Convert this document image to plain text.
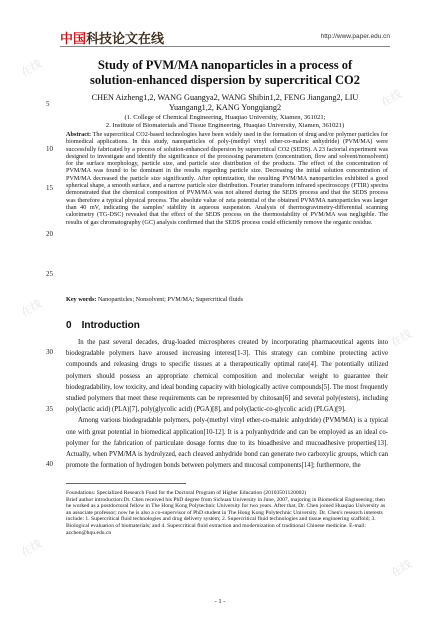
在线
在线
在线
在线
在线
在线
中国科技论文在线	http://www.paper.edu.cn
Study of PVM/MA nanoparticles in a process of
solution-enhanced dispersion by supercritical CO2
CHEN Aizheng1,2, WANG Guangya2, WANG Shibin1,2, FENG Jiangang2, LIU
Yuangang1,2, KANG Yongqiang2
(1. College of Chemical Engineering, Huaqiao University, Xiamen, 361021;
2. Institute of Biomaterials and Tissue Engineering, Huaqiao University, Xiamen, 361021)
Abstract: The supercritical CO2-based technologies have been widely used in the formation of drug and/or polymer particles for biomedical applications. In this study, nanoparticles of poly-(methyl vinyl ether-co-maleic anhydride) (PVM/MA) were successfully fabricated by a process of solution-enhanced dispersion by supercritical CO2 (SEDS). A 23 factorial experiment was designed to investigate and identify the significance of the processing parameters (concentration, flow and solvent/nonsolvent) for the surface morphology, particle size, and particle size distribution of the products. The effect of the concentration of PVM/MA was found to be dominant in the results regarding particle size. Decreasing the initial solution concentration of PVM/MA decreased the particle size significantly. After optimization, the resulting PVM/MA nanoparticles exhibited a good spherical shape, a smooth surface, and a narrow particle size distribution. Fourier transform infrared spectroscopy (FTIR) spectra demonstrated that the chemical composition of PVM/MA was not altered during the SEDS process and that the SEDS process was therefore a typical physical process. The absolute value of zeta potential of the obtained PVM/MA nanoparticles was larger than 40 mV, indicating the samples' stability in aqueous suspension. Analysis of thermogravimetry-differential scanning calorimetry (TG-DSC) revealed that the effect of the SEDS process on the thermostability of PVM/MA was negligible. The results of gas chromatography (GC) analysis confirmed that the SEDS process could efficiently remove the organic residue.
Key words: Nanoparticles; Nonsolvent; PVM/MA; Supercritical fluids
5
10
15
20
25
30
35
40
0 Introduction

In the past several decades, drug-loaded microspheres created by incorporating pharmaceutical agents into biodegradable polymers have aroused increasing interest[1-3]. This strategy can combine protecting active compounds and releasing drugs to specific tissues at a therapeutically optimal rate[4]. The potentially utilized polymers should possess an appropriate chemical composition and molecular weight to guarantee their biodegradability, low toxicity, and ideal bonding capacity with biologically active compounds[5]. The most frequently studied polymers that meet these requirements can be represented by chitosan[6] and several poly(esters), including poly(lactic acid) (PLA)[7], poly(glycolic acid) (PGA)[8], and poly(lactic-co-glycolic acid) (PLGA)[9].

Among various biodegradable polymers, poly-(methyl vinyl ether-co-maleic anhydride) (PVM/MA) is a typical one with great potential in biomedical application[10-12]. It is a polyanhydride and can be employed as an ideal co-polymer for the fabrication of particulate dosage forms due to its bioadhesive and mucoadhesive properties[13]. Actually, when PVM/MA is hydrolyzed, each cleaved anhydride bond can generate two carboxylic groups, which can promote the formation of hydrogen bonds between polymers and mucosal components[14]; furthermore, the

Foundations: Specialized Research Fund for the Doctoral Program of Higher Education (20103501120002)
Brief author introduction:Dr. Chen received his PhD degree from Sichuan University in June, 2007, majoring in Biomedical Engineering; then he worked as a postdoctoral fellow in The Hong Kong Polytechnic University for two years. After that, Dr. Chen joined Huaqiao University as an associate professor; now he is also a co-supervisor of PhD student in The Hong Kong Polytechnic University. Dr. Chen's research interests include: 1. Supercritical fluid technologies and drug delivery system; 2. Supercritical fluid technologies and tissue engineering scaffold; 3. Biological evaluation of biomaterials; and 4. Supercritical fluid extraction and modernization of traditional Chinese medicine. E-mail: azchen@hqu.edu.cn
- 1 -
